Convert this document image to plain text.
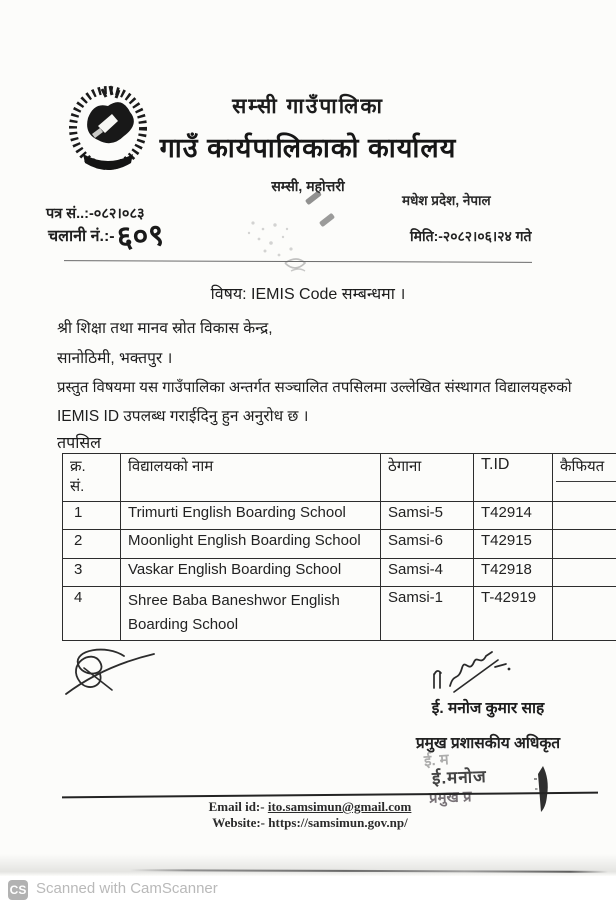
सम्सी गाउँपालिका
गाउँ कार्यपालिकाको कार्यालय
सम्सी, महोत्तरी
मधेश प्रदेश, नेपाल
पत्र सं..:-०८२।०८३
चलानी नं.:-६०९	मिति:-२०८२।०६।२४ गते
विषय: IEMIS Code सम्बन्धमा ।
श्री शिक्षा तथा मानव स्रोत विकास केन्द्र,
सानोठिमी, भक्तपुर ।
प्रस्तुत विषयमा यस गाउँपालिका अन्तर्गत सञ्चालित तपसिलमा उल्लेखित संस्थागत विद्यालयहरुको
IEMIS ID उपलब्ध गराईदिनु हुन अनुरोध छ ।
तपसिल
क्र.
सं.	विद्यालयको नाम	ठेगाना	T.ID	कैफियत

1	Trimurti English Boarding School	Samsi-5	T42914	
2	Moonlight English Boarding School	Samsi-6	T42915	
3	Vaskar English Boarding School	Samsi-4	T42918	
4	Shree Baba Baneshwor English Boarding School	Samsi-1	T-42919	
ई. मनोज कुमार साह
प्रमुख प्रशासकीय अधिकृत
ई. म
ई.मनोज
प्रमुख प्र
Email id:- ito.samsimun@gmail.com
Website:- https://samsimun.gov.np/
CS Scanned with CamScanner
